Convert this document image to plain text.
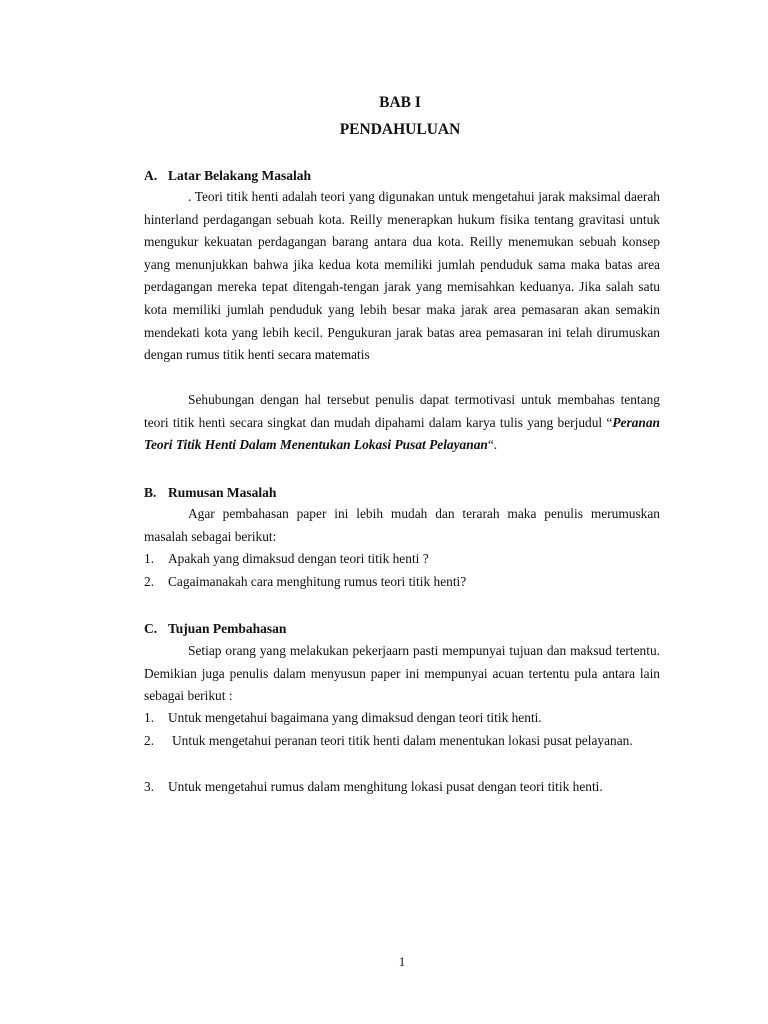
BAB I
PENDAHULUAN
A. Latar Belakang Masalah
. Teori titik henti adalah teori yang digunakan untuk mengetahui jarak maksimal daerah hinterland perdagangan sebuah kota. Reilly menerapkan hukum fisika tentang gravitasi untuk mengukur kekuatan perdagangan barang antara dua kota. Reilly menemukan sebuah konsep yang menunjukkan bahwa jika kedua kota memiliki jumlah penduduk sama maka batas area perdagangan mereka tepat ditengah-tengan jarak yang memisahkan keduanya. Jika salah satu kota memiliki jumlah penduduk yang lebih besar maka jarak area pemasaran akan semakin mendekati kota yang lebih kecil. Pengukuran jarak batas area pemasaran ini telah dirumuskan dengan rumus titik henti secara matematis
Sehubungan dengan hal tersebut penulis dapat termotivasi untuk membahas tentang teori titik henti secara singkat dan mudah dipahami dalam karya tulis yang berjudul “Peranan Teori Titik Henti Dalam Menentukan Lokasi Pusat Pelayanan“.
B. Rumusan Masalah
Agar pembahasan paper ini lebih mudah dan terarah maka penulis merumuskan masalah sebagai berikut:
1. Apakah yang dimaksud dengan teori titik henti ?
2. Cagaimanakah cara menghitung rumus teori titik henti?
C. Tujuan Pembahasan
Setiap orang yang melakukan pekerjaarn pasti mempunyai tujuan dan maksud tertentu. Demikian juga penulis dalam menyusun paper ini mempunyai acuan tertentu pula antara lain sebagai berikut :
1. Untuk mengetahui bagaimana yang dimaksud dengan teori titik henti.
2. Untuk mengetahui peranan teori titik henti dalam menentukan lokasi pusat pelayanan.
3. Untuk mengetahui rumus dalam menghitung lokasi pusat dengan teori titik henti.
1
